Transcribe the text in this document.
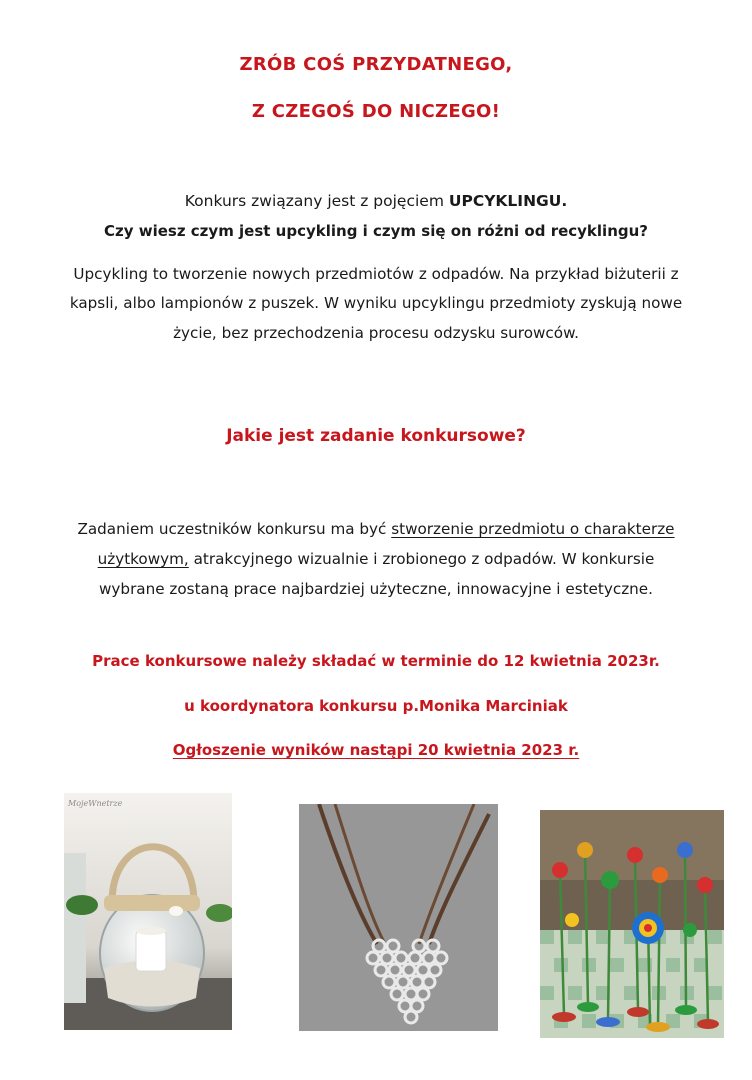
ZRÓB COŚ PRZYDATNEGO,
Z CZEGOŚ DO NICZEGO!
Konkurs związany jest z pojęciem UPCYKLINGU.
Czy wiesz czym jest upcykling i czym się on różni od recyklingu?
Upcykling to tworzenie nowych przedmiotów z odpadów. Na przykład biżuterii z
kapsli, albo lampionów z puszek. W wyniku upcyklingu przedmioty zyskują nowe
życie, bez przechodzenia procesu odzysku surowców.
Jakie jest zadanie konkursowe?
Zadaniem uczestników konkursu ma być stworzenie przedmiotu o charakterze
użytkowym, atrakcyjnego wizualnie i zrobionego z odpadów. W konkursie
wybrane zostaną prace najbardziej użyteczne, innowacyjne i estetyczne.
Prace konkursowe należy składać w terminie do 12 kwietnia 2023r.
u koordynatora konkursu p.Monika Marciniak
Ogłoszenie wyników nastąpi 20 kwietnia 2023 r.
MojeWnetrze
